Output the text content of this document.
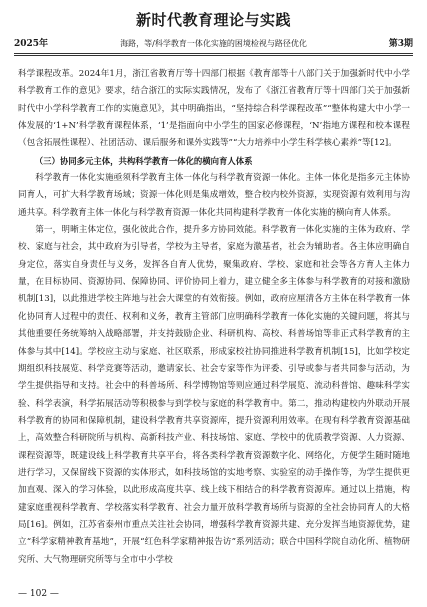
新时代教育理论与实践
2025年	海路，等/科学教育一体化实施的困境检视与路径优化	第3期

科学课程改革。2024年1月，浙江省教育厅等十四部门根据《教育部等十八部门关于加强新时代中小学科学教育工作的意见》要求，结合浙江的实际实践情况，发布了《浙江省教育厅等十四部门关于加强新时代中小学科学教育工作的实施意见》，其中明确指出，“坚持综合科学课程改革”“整体构建大中小学一体发展的‘1+N’科学教育课程体系，‘1’是指面向中小学生的国家必修课程，‘N’指地方课程和校本课程（包含拓展性课程）、社团活动、课后服务和课外实践等”“大力培养中小学生科学核心素养”等[12]。

（三）协同多元主体，共构科学教育一体化的横向育人体系

科学教育一体化实施亟须科学教育主体一体化与科学教育资源一体化。主体一体化是指多元主体协同育人，可扩大科学教育场域；资源一体化则是集成增效，整合校内校外资源，实现资源有效利用与沟通共享。科学教育主体一体化与科学教育资源一体化共同构建科学教育一体化实施的横向育人体系。

第一，明晰主体定位，强化彼此合作，提升多方协同效能。科学教育一体化实施的主体为政府、学校、家庭与社会，其中政府为引导者，学校为主导者，家庭为激基者，社会为辅助者。各主体应明确自身定位，落实自身责任与义务，发挥各自育人优势，聚集政府、学校、家庭和社会等各方育人主体力量，在目标协同、资源协同、保障协同、评价协同上着力，建立健全多主体参与科学教育的对接和激励机制[13]，以此推进学校主阵地与社会大课堂的有效衔接。例如，政府应厘清各方主体在科学教育一体化协同育人过程中的责任、权利和义务，教育主管部门应明确科学教育一体化实施的关键问题，将其与其他重要任务统筹纳入战略部署，并支持鼓励企业、科研机构、高校、科普场馆等非正式科学教育的主体参与其中[14]。学校应主动与家庭、社区联系，形成家校社协同推进科学教育机制[15]，比如学校定期组织科技展览、科学竞赛等活动，邀请家长、社会专家等作为评委、引导或参与者共同参与活动，为学生提供指导和支持。社会中的科普场所、科学博物馆等则应通过科学展览、流动科普馆、趣味科学实验、科学表演，科学拓展活动等积极参与到学校与家庭的科学教育中。第二，推动构建校内外联动开展科学教育的协同和保障机制，建设科学教育共享资源库，提升资源利用效率。在现有科学教育资源基础上，高效整合科研院所与机构、高新科技产业、科技场馆、家庭、学校中的优质教学资源、人力资源、课程资源等，既建设线上科学教育共享平台，将各类科学教育资源数字化、网络化，方便学生随时随地进行学习，又保留线下资源的实体形式，如科技场馆的实地考察、实验室的动手操作等，为学生提供更加直观、深入的学习体验，以此形成高度共享、线上线下相结合的科学教育资源库。通过以上措施，构建家庭重视科学教育、学校落实科学教育、社会力量开放科学教育场所与资源的全社会协同育人的大格局[16]。例如，江苏省泰州市重点关注社会协同，增强科学教育资源共建、充分发挥当地资源优势，建立“科学家精神教育基地”，开展“红色科学家精神报告访”系列活动；联合中国科学院自动化所、植物研究所、大气物理研究所等与全市中小学校

— 102 —
